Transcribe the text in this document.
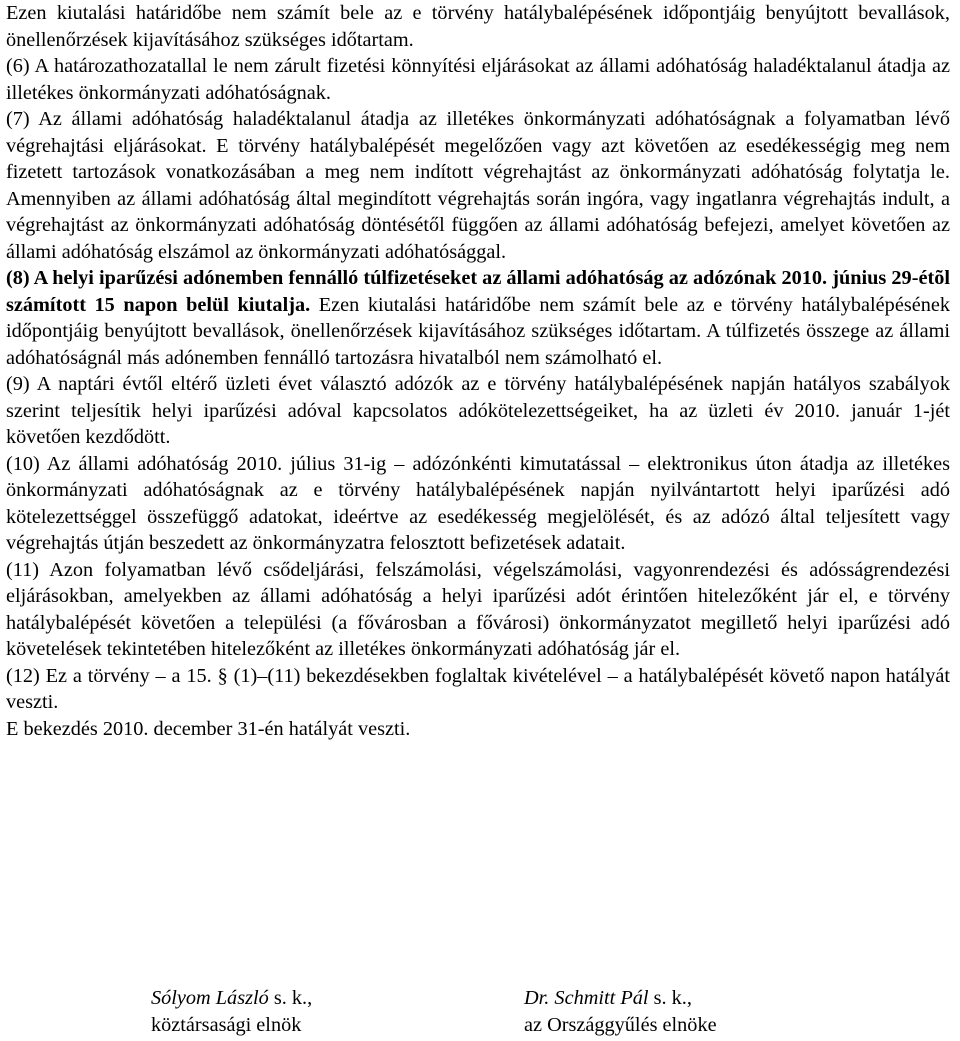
Ezen kiutalási határidőbe nem számít bele az e törvény hatálybalépésének időpontjáig benyújtott bevallások, önellenőrzések kijavításához szükséges időtartam.

(6) A határozathozatallal le nem zárult fizetési könnyítési eljárásokat az állami adóhatóság haladéktalanul átadja az illetékes önkormányzati adóhatóságnak.

(7) Az állami adóhatóság haladéktalanul átadja az illetékes önkormányzati adóhatóságnak a folyamatban lévő végrehajtási eljárásokat. E törvény hatálybalépését megelőzően vagy azt követően az esedékességig meg nem fizetett tartozások vonatkozásában a meg nem indított végrehajtást az önkormányzati adóhatóság folytatja le. Amennyiben az állami adóhatóság által megindított végrehajtás során ingóra, vagy ingatlanra végrehajtás indult, a végrehajtást az önkormányzati adóhatóság döntésétől függően az állami adóhatóság befejezi, amelyet követően az állami adóhatóság elszámol az önkormányzati adóhatósággal.

(8) A helyi iparűzési adónemben fennálló túlfizetéseket az állami adóhatóság az adózónak 2010. június 29-étõl számított 15 napon belül kiutalja. Ezen kiutalási határidőbe nem számít bele az e törvény hatálybalépésének időpontjáig benyújtott bevallások, önellenőrzések kijavításához szükséges időtartam. A túlfizetés összege az állami adóhatóságnál más adónemben fennálló tartozásra hivatalból nem számolható el.

(9) A naptári évtől eltérő üzleti évet választó adózók az e törvény hatálybalépésének napján hatályos szabályok szerint teljesítik helyi iparűzési adóval kapcsolatos adókötelezettségeiket, ha az üzleti év 2010. január 1-jét követően kezdődött.

(10) Az állami adóhatóság 2010. július 31-ig – adózónkénti kimutatással – elektronikus úton átadja az illetékes önkormányzati adóhatóságnak az e törvény hatálybalépésének napján nyilvántartott helyi iparűzési adó kötelezettséggel összefüggő adatokat, ideértve az esedékesség megjelölését, és az adózó által teljesített vagy végrehajtás útján beszedett az önkormányzatra felosztott befizetések adatait.

(11) Azon folyamatban lévő csődeljárási, felszámolási, végelszámolási, vagyonrendezési és adósságrendezési eljárásokban, amelyekben az állami adóhatóság a helyi iparűzési adót érintően hitelezőként jár el, e törvény hatálybalépését követően a települési (a fővárosban a fővárosi) önkormányzatot megillető helyi iparűzési adó követelések tekintetében hitelezőként az illetékes önkormányzati adóhatóság jár el.

(12) Ez a törvény – a 15. § (1)–(11) bekezdésekben foglaltak kivételével – a hatálybalépését követő napon hatályát veszti.

E bekezdés 2010. december 31-én hatályát veszti.

Sólyom László s. k.,
köztársasági elnök
Dr. Schmitt Pál s. k.,
az Országgyűlés elnöke
